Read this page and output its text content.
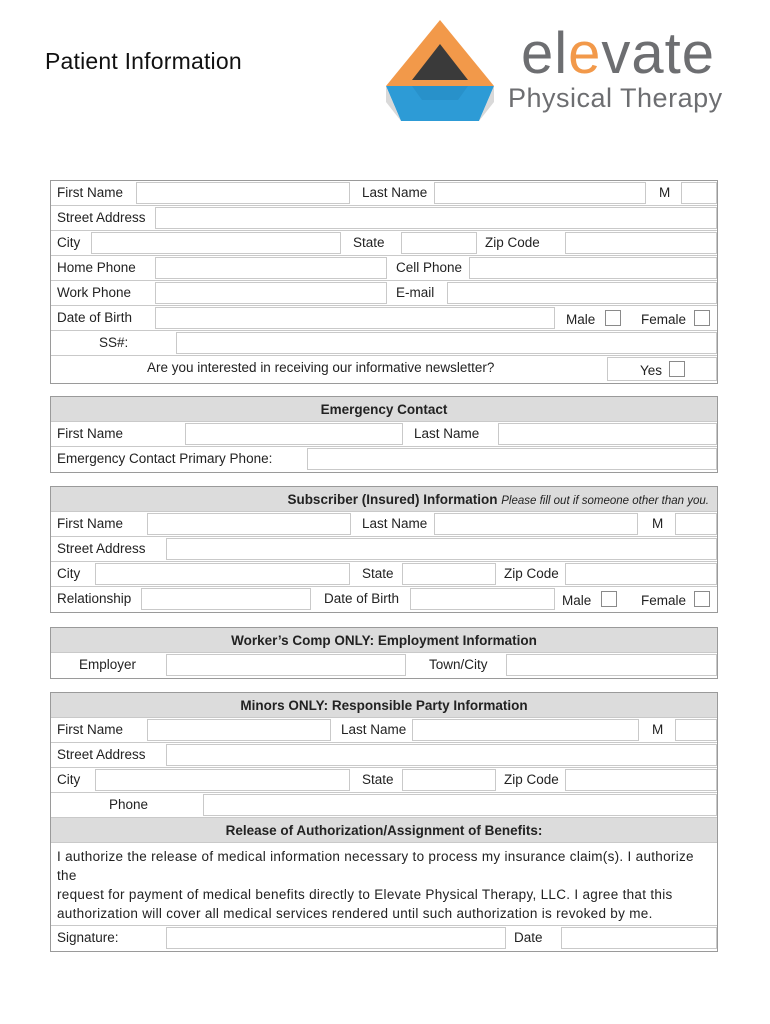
Patient Information	elevate
Physical Therapy
First Name	Last Name	M
Street Address
City	State	Zip Code
Home Phone	Cell Phone
Work Phone	E-mail
Date of Birth	Male	Female
SS#:
Are you interested in receiving our informative newsletter?	Yes
Emergency Contact
First Name	Last Name
Emergency Contact Primary Phone:
Subscriber (Insured) Information Please fill out if someone other than you.
First Name	Last Name	M
Street Address
City	State	Zip Code
Relationship	Date of Birth	Male	Female
Worker’s Comp ONLY: Employment Information
Employer	Town/City
Minors ONLY: Responsible Party Information
First Name	Last Name	M
Street Address
City	State	Zip Code
Phone
Release of Authorization/Assignment of Benefits:
I authorize the release of medical information necessary to process my insurance claim(s). I authorize the
request for payment of medical benefits directly to Elevate Physical Therapy, LLC. I agree that this
authorization will cover all medical services rendered until such authorization is revoked by me.
Signature:	Date
